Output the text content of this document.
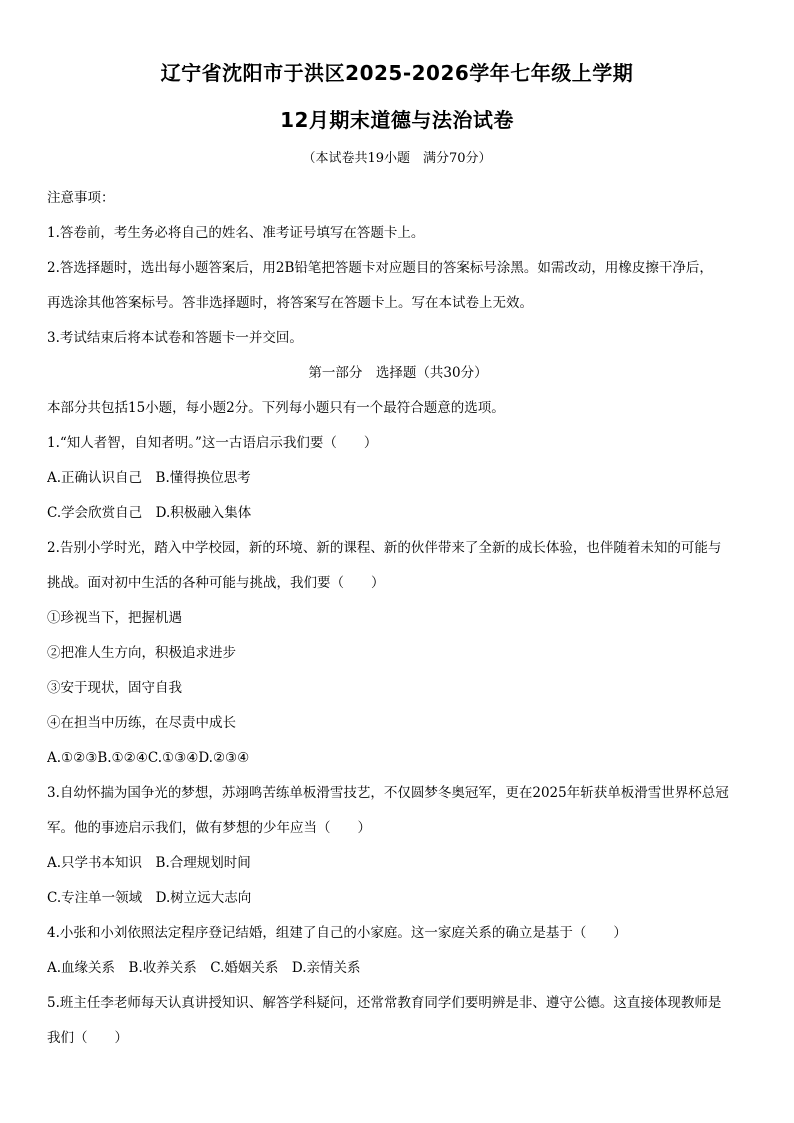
辽宁省沈阳市于洪区2025-2026学年七年级上学期
12月期末道德与法治试卷
（本试卷共19小题　满分70分）

注意事项：

1.答卷前，考生务必将自己的姓名、准考证号填写在答题卡上。

2.答选择题时，选出每小题答案后，用2B铅笔把答题卡对应题目的答案标号涂黑。如需改动，用橡皮擦干净后，

再选涂其他答案标号。答非选择题时，将答案写在答题卡上。写在本试卷上无效。

3.考试结束后将本试卷和答题卡一并交回。

第一部分　选择题（共30分）

本部分共包括15小题，每小题2分。下列每小题只有一个最符合题意的选项。

1.“知人者智，自知者明。”这一古语启示我们要（　　）

A.正确认识自己　B.懂得换位思考

C.学会欣赏自己　D.积极融入集体

2.告别小学时光，踏入中学校园，新的环境、新的课程、新的伙伴带来了全新的成长体验，也伴随着未知的可能与

挑战。面对初中生活的各种可能与挑战，我们要（　　）

①珍视当下，把握机遇

②把准人生方向，积极追求进步

③安于现状，固守自我

④在担当中历练，在尽责中成长

A.①②③B.①②④C.①③④D.②③④

3.自幼怀揣为国争光的梦想，苏翊鸣苦练单板滑雪技艺，不仅圆梦冬奥冠军，更在2025年斩获单板滑雪世界杯总冠

军。他的事迹启示我们，做有梦想的少年应当（　　）

A.只学书本知识　B.合理规划时间

C.专注单一领域　D.树立远大志向

4.小张和小刘依照法定程序登记结婚，组建了自己的小家庭。这一家庭关系的确立是基于（　　）

A.血缘关系　B.收养关系　C.婚姻关系　D.亲情关系

5.班主任李老师每天认真讲授知识、解答学科疑问，还常常教育同学们要明辨是非、遵守公德。这直接体现教师是

我们（　　）
